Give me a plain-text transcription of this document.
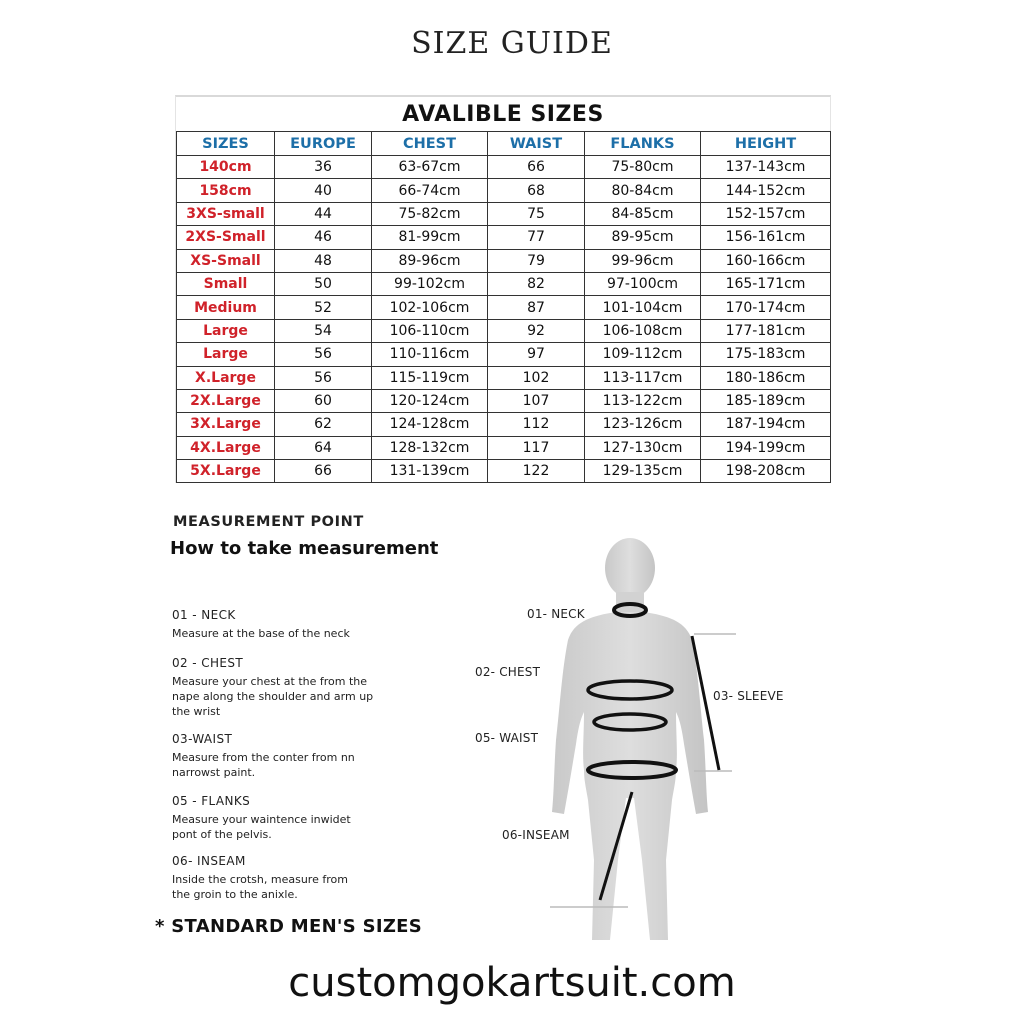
SIZE GUIDE
AVALIBLE SIZES
SIZES	EUROPE	CHEST	WAIST	FLANKS	HEIGHT
140cm	36	63-67cm	66	75-80cm	137-143cm
158cm	40	66-74cm	68	80-84cm	144-152cm
3XS-small	44	75-82cm	75	84-85cm	152-157cm
2XS-Small	46	81-99cm	77	89-95cm	156-161cm
XS-Small	48	89-96cm	79	99-96cm	160-166cm
Small	50	99-102cm	82	97-100cm	165-171cm
Medium	52	102-106cm	87	101-104cm	170-174cm
Large	54	106-110cm	92	106-108cm	177-181cm
Large	56	110-116cm	97	109-112cm	175-183cm
X.Large	56	115-119cm	102	113-117cm	180-186cm
2X.Large	60	120-124cm	107	113-122cm	185-189cm
3X.Large	62	124-128cm	112	123-126cm	187-194cm
4X.Large	64	128-132cm	117	127-130cm	194-199cm
5X.Large	66	131-139cm	122	129-135cm	198-208cm
MEASUREMENT POINT
How to take measurement
01 - NECK
Measure at the base of the neck
02 - CHEST
Measure your chest at the from the nape along the shoulder and arm up the wrist
03-WAIST
Measure from the conter from nn narrowst paint.
05 - FLANKS
Measure your waintence inwidet pont of the pelvis.
06- INSEAM
Inside the crotsh, measure from the groin to the anixle.
* STANDARD MEN'S SIZES
01- NECK
02- CHEST
03- SLEEVE
05- WAIST
06-INSEAM
customgokartsuit.com
